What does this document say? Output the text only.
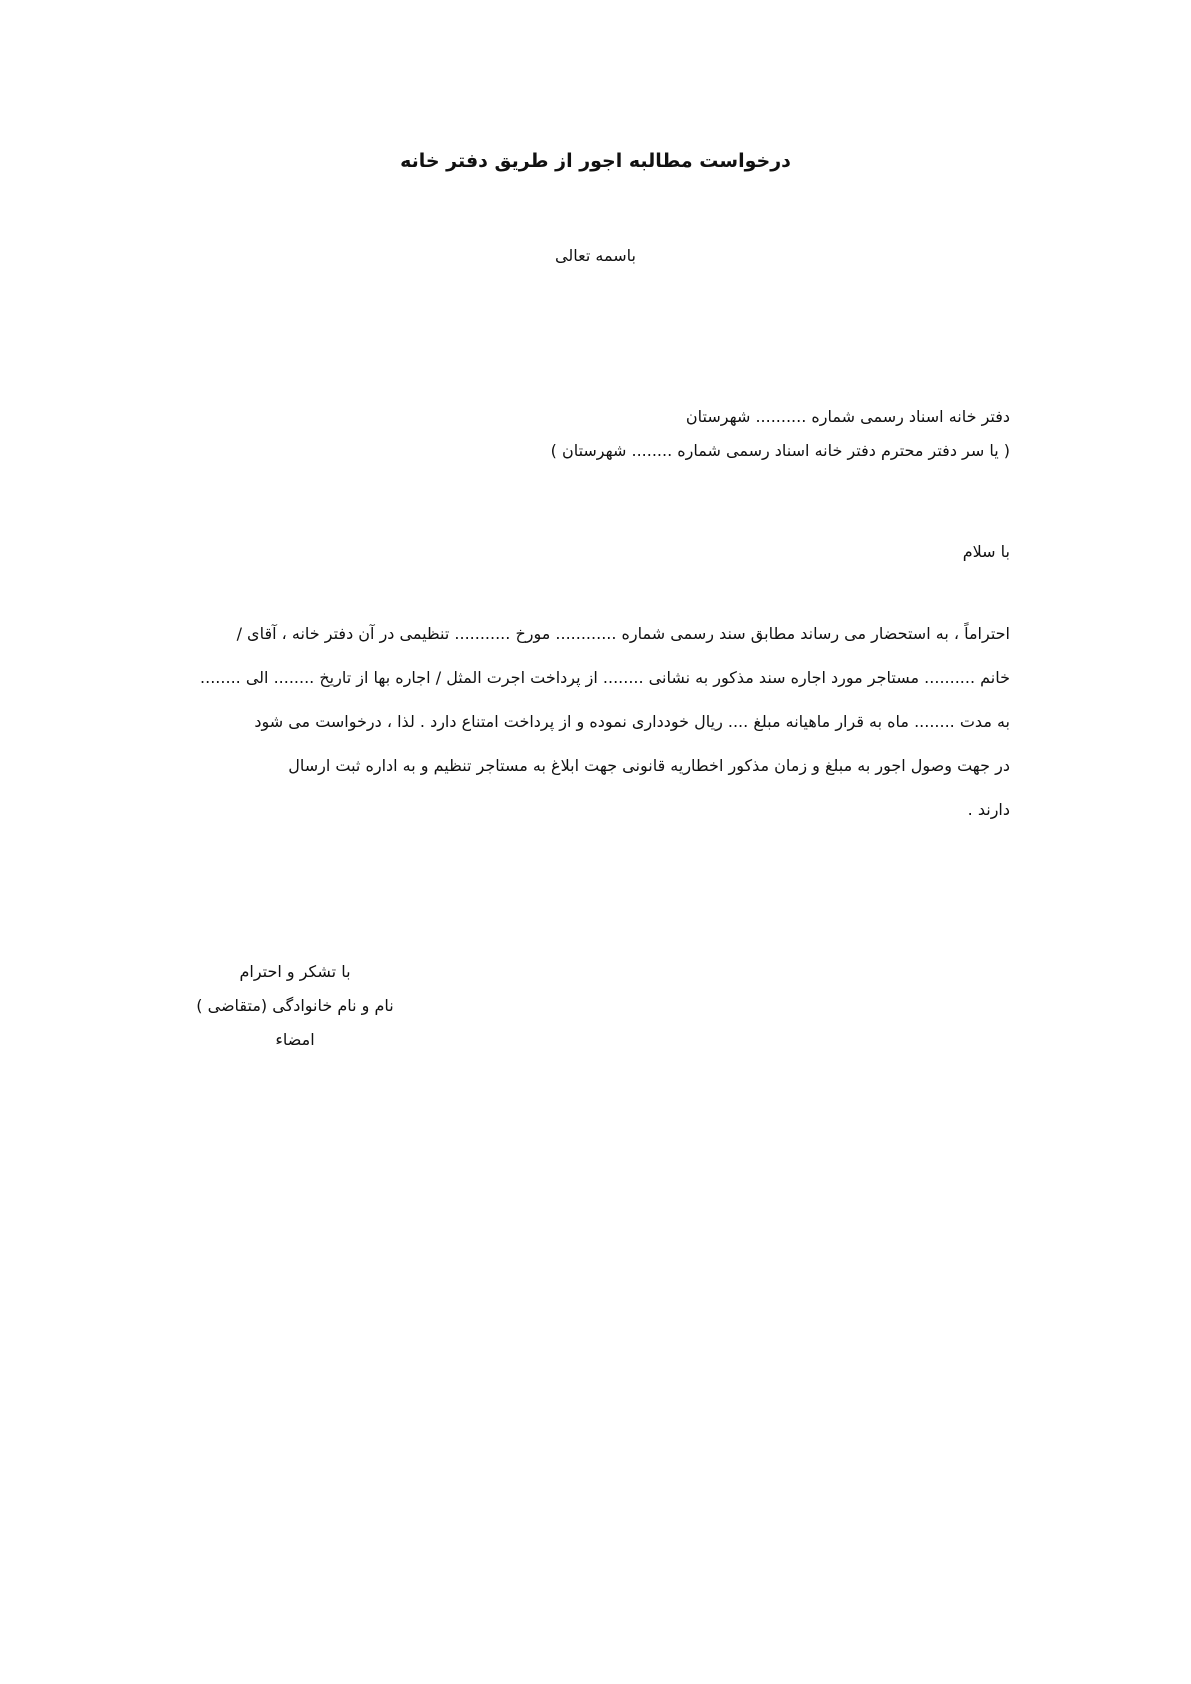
درخواست مطالبه اجور از طریق دفتر خانه
باسمه تعالی
دفتر خانه اسناد رسمی شماره .......... شهرستان
( یا سر دفتر محترم دفتر خانه اسناد رسمی شماره ........ شهرستان )
با سلام
احتراماً ، به استحضار می رساند مطابق سند رسمی شماره ............ مورخ ........... تنظیمی در آن دفتر خانه ، آقای /
خانم .......... مستاجر مورد اجاره سند مذکور به نشانی ........ از پرداخت اجرت المثل / اجاره بها از تاریخ ........ الی ........
به مدت ........ ماه به قرار ماهیانه مبلغ .... ریال خودداری نموده و از پرداخت امتناع دارد . لذا ، درخواست می شود
در جهت وصول اجور به مبلغ و زمان مذکور اخطاریه قانونی جهت ابلاغ به مستاجر تنظیم و به اداره ثبت ارسال
دارند .
با تشکر و احترام
نام و نام خانوادگی (متقاضی )
امضاء
